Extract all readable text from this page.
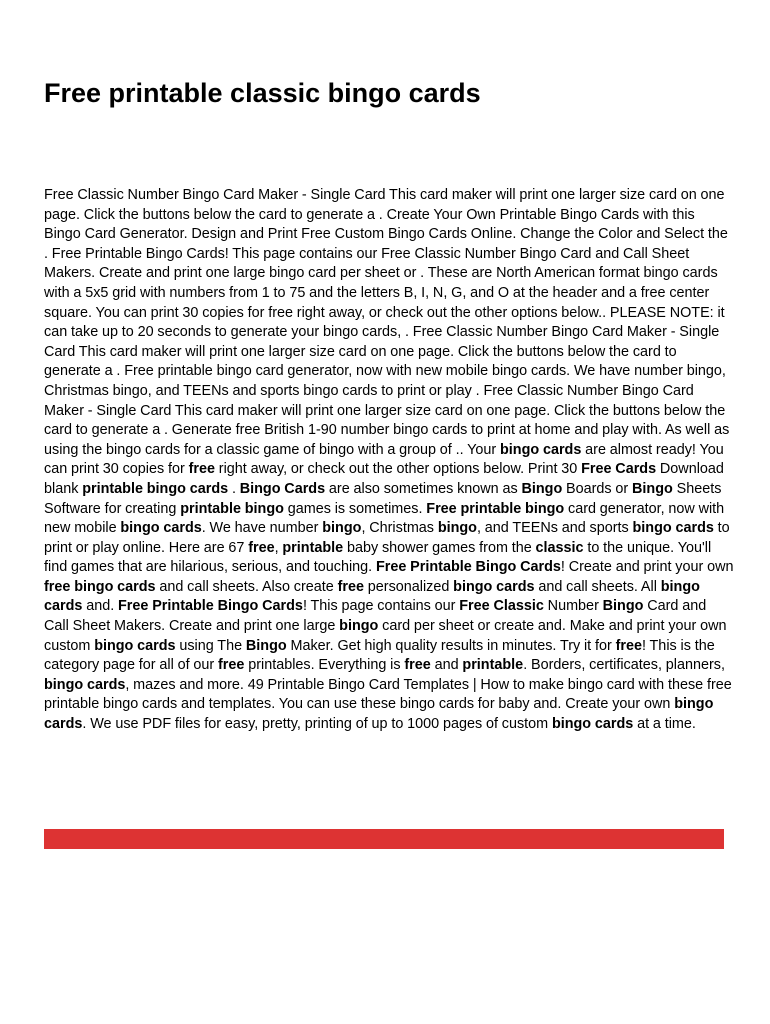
Free printable classic bingo cards

Free Classic Number Bingo Card Maker - Single Card This card maker will print one larger size card on one page. Click the buttons below the card to generate a . Create Your Own Printable Bingo Cards with this Bingo Card Generator. Design and Print Free Custom Bingo Cards Online. Change the Color and Select the . Free Printable Bingo Cards! This page contains our Free Classic Number Bingo Card and Call Sheet Makers. Create and print one large bingo card per sheet or . These are North American format bingo cards with a 5x5 grid with numbers from 1 to 75 and the letters B, I, N, G, and O at the header and a free center square. You can print 30 copies for free right away, or check out the other options below.. PLEASE NOTE: it can take up to 20 seconds to generate your bingo cards, . Free Classic Number Bingo Card Maker - Single Card This card maker will print one larger size card on one page. Click the buttons below the card to generate a . Free printable bingo card generator, now with new mobile bingo cards. We have number bingo, Christmas bingo, and TEENs and sports bingo cards to print or play . Free Classic Number Bingo Card Maker - Single Card This card maker will print one larger size card on one page. Click the buttons below the card to generate a . Generate free British 1-90 number bingo cards to print at home and play with. As well as using the bingo cards for a classic game of bingo with a group of .. Your bingo cards are almost ready! You can print 30 copies for free right away, or check out the other options below. Print 30 Free Cards Download blank printable bingo cards . Bingo Cards are also sometimes known as Bingo Boards or Bingo Sheets Software for creating printable bingo games is sometimes. Free printable bingo card generator, now with new mobile bingo cards. We have number bingo, Christmas bingo, and TEENs and sports bingo cards to print or play online. Here are 67 free, printable baby shower games from the classic to the unique. You'll find games that are hilarious, serious, and touching. Free Printable Bingo Cards! Create and print your own free bingo cards and call sheets. Also create free personalized bingo cards and call sheets. All bingo cards and. Free Printable Bingo Cards! This page contains our Free Classic Number Bingo Card and Call Sheet Makers. Create and print one large bingo card per sheet or create and. Make and print your own custom bingo cards using The Bingo Maker. Get high quality results in minutes. Try it for free! This is the category page for all of our free printables. Everything is free and printable. Borders, certificates, planners, bingo cards, mazes and more. 49 Printable Bingo Card Templates | How to make bingo card with these free printable bingo cards and templates. You can use these bingo cards for baby and. Create your own bingo cards. We use PDF files for easy, pretty, printing of up to 1000 pages of custom bingo cards at a time.
